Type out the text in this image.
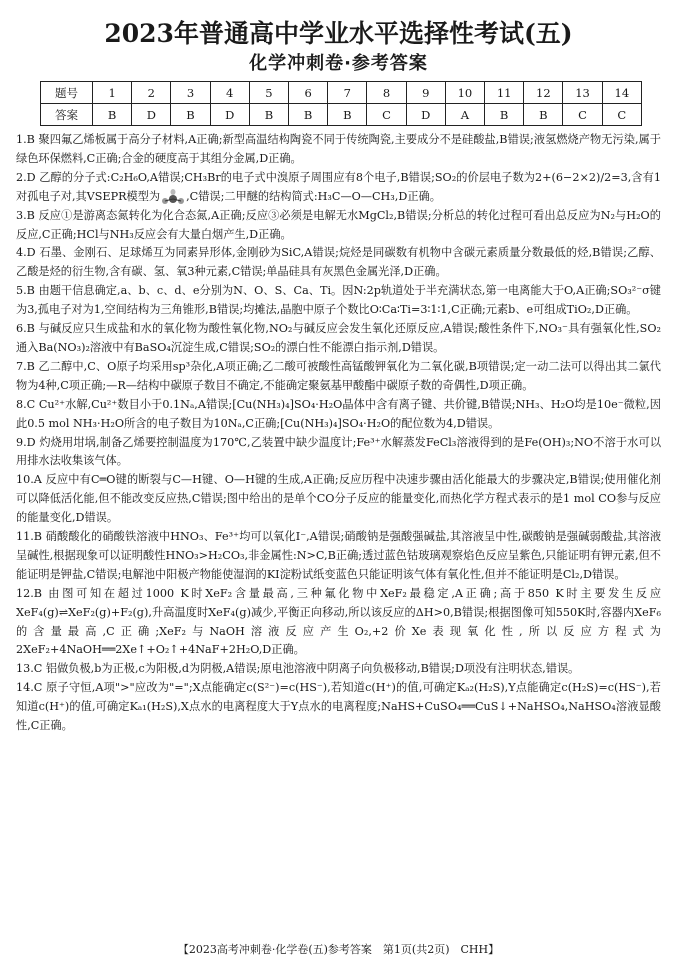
2023年普通高中学业水平选择性考试(五)
化学冲刺卷·参考答案
题号	1	2	3	4	5	6	7	8	9	10	11	12	13	14
答案	B	D	B	D	B	B	B	C	D	A	B	B	C	C

1.B 聚四氟乙烯板属于高分子材料,A正确;新型高温结构陶瓷不同于传统陶瓷,主要成分不是硅酸盐,B错误;液氢燃烧产物无污染,属于绿色环保燃料,C正确;合金的硬度高于其组分金属,D正确。

2.D 乙醇的分子式:C₂H₆O,A错误;CH₃Br的电子式中溴原子周围应有8个电子,B错误;SO₂的价层电子数为2+(6−2×2)/2=3,含有1对孤电子对,其VSEPR模型为 ,C错误;二甲醚的结构简式:H₃C—O—CH₃,D正确。

3.B 反应①是游离态氮转化为化合态氮,A正确;反应③必须是电解无水MgCl₂,B错误;分析总的转化过程可看出总反应为N₂与H₂O的反应,C正确;HCl与NH₃反应会有大量白烟产生,D正确。

4.D 石墨、金刚石、足球烯互为同素异形体,金刚砂为SiC,A错误;烷烃是同碳数有机物中含碳元素质量分数最低的烃,B错误;乙醇、乙酸是烃的衍生物,含有碳、氢、氧3种元素,C错误;单晶硅具有灰黑色金属光泽,D正确。

5.B 由题干信息确定,a、b、c、d、e分别为N、O、S、Ca、Ti。因N:2p轨道处于半充满状态,第一电离能大于O,A正确;SO₃²⁻σ键为3,孤电子对为1,空间结构为三角锥形,B错误;均摊法,晶胞中原子个数比O∶Ca∶Ti=3∶1∶1,C正确;元素b、e可组成TiO₂,D正确。

6.B 与碱反应只生成盐和水的氧化物为酸性氧化物,NO₂与碱反应会发生氧化还原反应,A错误;酸性条件下,NO₃⁻具有强氧化性,SO₂通入Ba(NO₃)₂溶液中有BaSO₄沉淀生成,C错误;SO₂的漂白性不能漂白指示剂,D错误。

7.B 乙二醇中,C、O原子均采用sp³杂化,A项正确;乙二酸可被酸性高锰酸钾氧化为二氧化碳,B项错误;定一动二法可以得出其二氯代物为4种,C项正确;—R—结构中碳原子数目不确定,不能确定聚氨基甲酸酯中碳原子数的奇偶性,D项正确。

8.C Cu²⁺水解,Cu²⁺数目小于0.1Nₐ,A错误;[Cu(NH₃)₄]SO₄·H₂O晶体中含有离子键、共价键,B错误;NH₃、H₂O均是10e⁻微粒,因此0.5 mol NH₃·H₂O所含的电子数目为10Nₐ,C正确;[Cu(NH₃)₄]SO₄·H₂O的配位数为4,D错误。

9.D 灼烧用坩埚,制备乙烯要控制温度为170℃,乙装置中缺少温度计;Fe³⁺水解蒸发FeCl₃溶液得到的是Fe(OH)₃;NO不溶于水可以用排水法收集该气体。

10.A 反应中有C═O键的断裂与C—H键、O—H键的生成,A正确;反应历程中决速步骤由活化能最大的步骤决定,B错误;使用催化剂可以降低活化能,但不能改变反应热,C错误;图中给出的是单个CO分子反应的能量变化,而热化学方程式表示的是1 mol CO参与反应的能量变化,D错误。

11.B 硝酸酸化的硝酸铁溶液中HNO₃、Fe³⁺均可以氧化I⁻,A错误;硝酸钠是强酸强碱盐,其溶液呈中性,碳酸钠是强碱弱酸盐,其溶液呈碱性,根据现象可以证明酸性HNO₃>H₂CO₃,非金属性:N>C,B正确;透过蓝色钴玻璃观察焰色反应呈紫色,只能证明有钾元素,但不能证明是钾盐,C错误;电解池中阳极产物能使湿润的KI淀粉试纸变蓝色只能证明该气体有氧化性,但并不能证明是Cl₂,D错误。

12.B 由图可知在超过1000 K时XeF₂含量最高,三种氟化物中XeF₂最稳定,A正确;高于850 K时主要发生反应XeF₄(g)⇌XeF₂(g)+F₂(g),升高温度时XeF₄(g)减少,平衡正向移动,所以该反应的ΔH>0,B错误;根据图像可知550K时,容器内XeF₆的含量最高,C正确;XeF₂与NaOH溶液反应产生O₂,+2价Xe表现氧化性,所以反应方程式为2XeF₂+4NaOH══2Xe↑+O₂↑+4NaF+2H₂O,D正确。

13.C 铝做负极,b为正极,c为阳极,d为阴极,A错误;原电池溶液中阴离子向负极移动,B错误;D项没有注明状态,错误。

14.C 原子守恒,A项">"应改为"=";X点能确定c(S²⁻)=c(HS⁻),若知道c(H⁺)的值,可确定Kₐ₂(H₂S),Y点能确定c(H₂S)=c(HS⁻),若知道c(H⁺)的值,可确定Kₐ₁(H₂S),X点水的电离程度大于Y点水的电离程度;NaHS+CuSO₄══CuS↓+NaHSO₄,NaHSO₄溶液显酸性,C正确。

【2023高考冲刺卷·化学卷(五)参考答案　第1页(共2页)　CHH】
